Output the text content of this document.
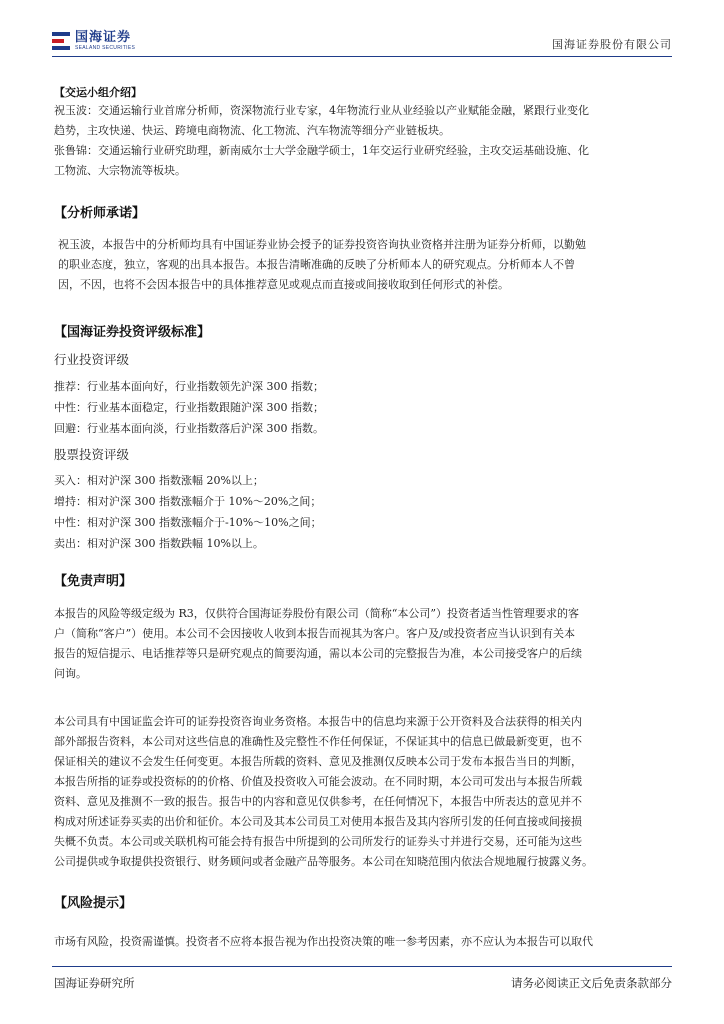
国海证券
SEALAND SECURITIES	国海证券股份有限公司
【交运小组介绍】
祝玉波：交通运输行业首席分析师，资深物流行业专家，4年物流行业从业经验以产业赋能金融，紧跟行业变化
趋势，主攻快递、快运、跨境电商物流、化工物流、汽车物流等细分产业链板块。
张鲁锦：交通运输行业研究助理，新南威尔士大学金融学硕士，1年交运行业研究经验，主攻交运基础设施、化
工物流、大宗物流等板块。
【分析师承诺】
祝玉波，本报告中的分析师均具有中国证券业协会授予的证券投资咨询执业资格并注册为证券分析师，以勤勉
的职业态度，独立，客观的出具本报告。本报告清晰准确的反映了分析师本人的研究观点。分析师本人不曾
因，不因，也将不会因本报告中的具体推荐意见或观点而直接或间接收取到任何形式的补偿。
【国海证券投资评级标准】
行业投资评级
推荐：行业基本面向好，行业指数领先沪深 300 指数；
中性：行业基本面稳定，行业指数跟随沪深 300 指数；
回避：行业基本面向淡，行业指数落后沪深 300 指数。
股票投资评级
买入：相对沪深 300 指数涨幅 20%以上；
增持：相对沪深 300 指数涨幅介于 10%～20%之间；
中性：相对沪深 300 指数涨幅介于-10%～10%之间；
卖出：相对沪深 300 指数跌幅 10%以上。
【免责声明】
本报告的风险等级定级为 R3，仅供符合国海证券股份有限公司（简称“本公司”）投资者适当性管理要求的客
户（简称“客户”）使用。本公司不会因接收人收到本报告而视其为客户。客户及/或投资者应当认识到有关本
报告的短信提示、电话推荐等只是研究观点的简要沟通，需以本公司的完整报告为准，本公司接受客户的后续
问询。
本公司具有中国证监会许可的证券投资咨询业务资格。本报告中的信息均来源于公开资料及合法获得的相关内
部外部报告资料，本公司对这些信息的准确性及完整性不作任何保证，不保证其中的信息已做最新变更，也不
保证相关的建议不会发生任何变更。本报告所载的资料、意见及推测仅反映本公司于发布本报告当日的判断，
本报告所指的证券或投资标的的价格、价值及投资收入可能会波动。在不同时期，本公司可发出与本报告所载
资料、意见及推测不一致的报告。报告中的内容和意见仅供参考，在任何情况下，本报告中所表达的意见并不
构成对所述证券买卖的出价和征价。本公司及其本公司员工对使用本报告及其内容所引发的任何直接或间接损
失概不负责。本公司或关联机构可能会持有报告中所提到的公司所发行的证券头寸并进行交易，还可能为这些
公司提供或争取提供投资银行、财务顾问或者金融产品等服务。本公司在知晓范围内依法合规地履行披露义务。
【风险提示】
市场有风险，投资需谨慎。投资者不应将本报告视为作出投资决策的唯一参考因素，亦不应认为本报告可以取代
国海证券研究所	请务必阅读正文后免责条款部分
